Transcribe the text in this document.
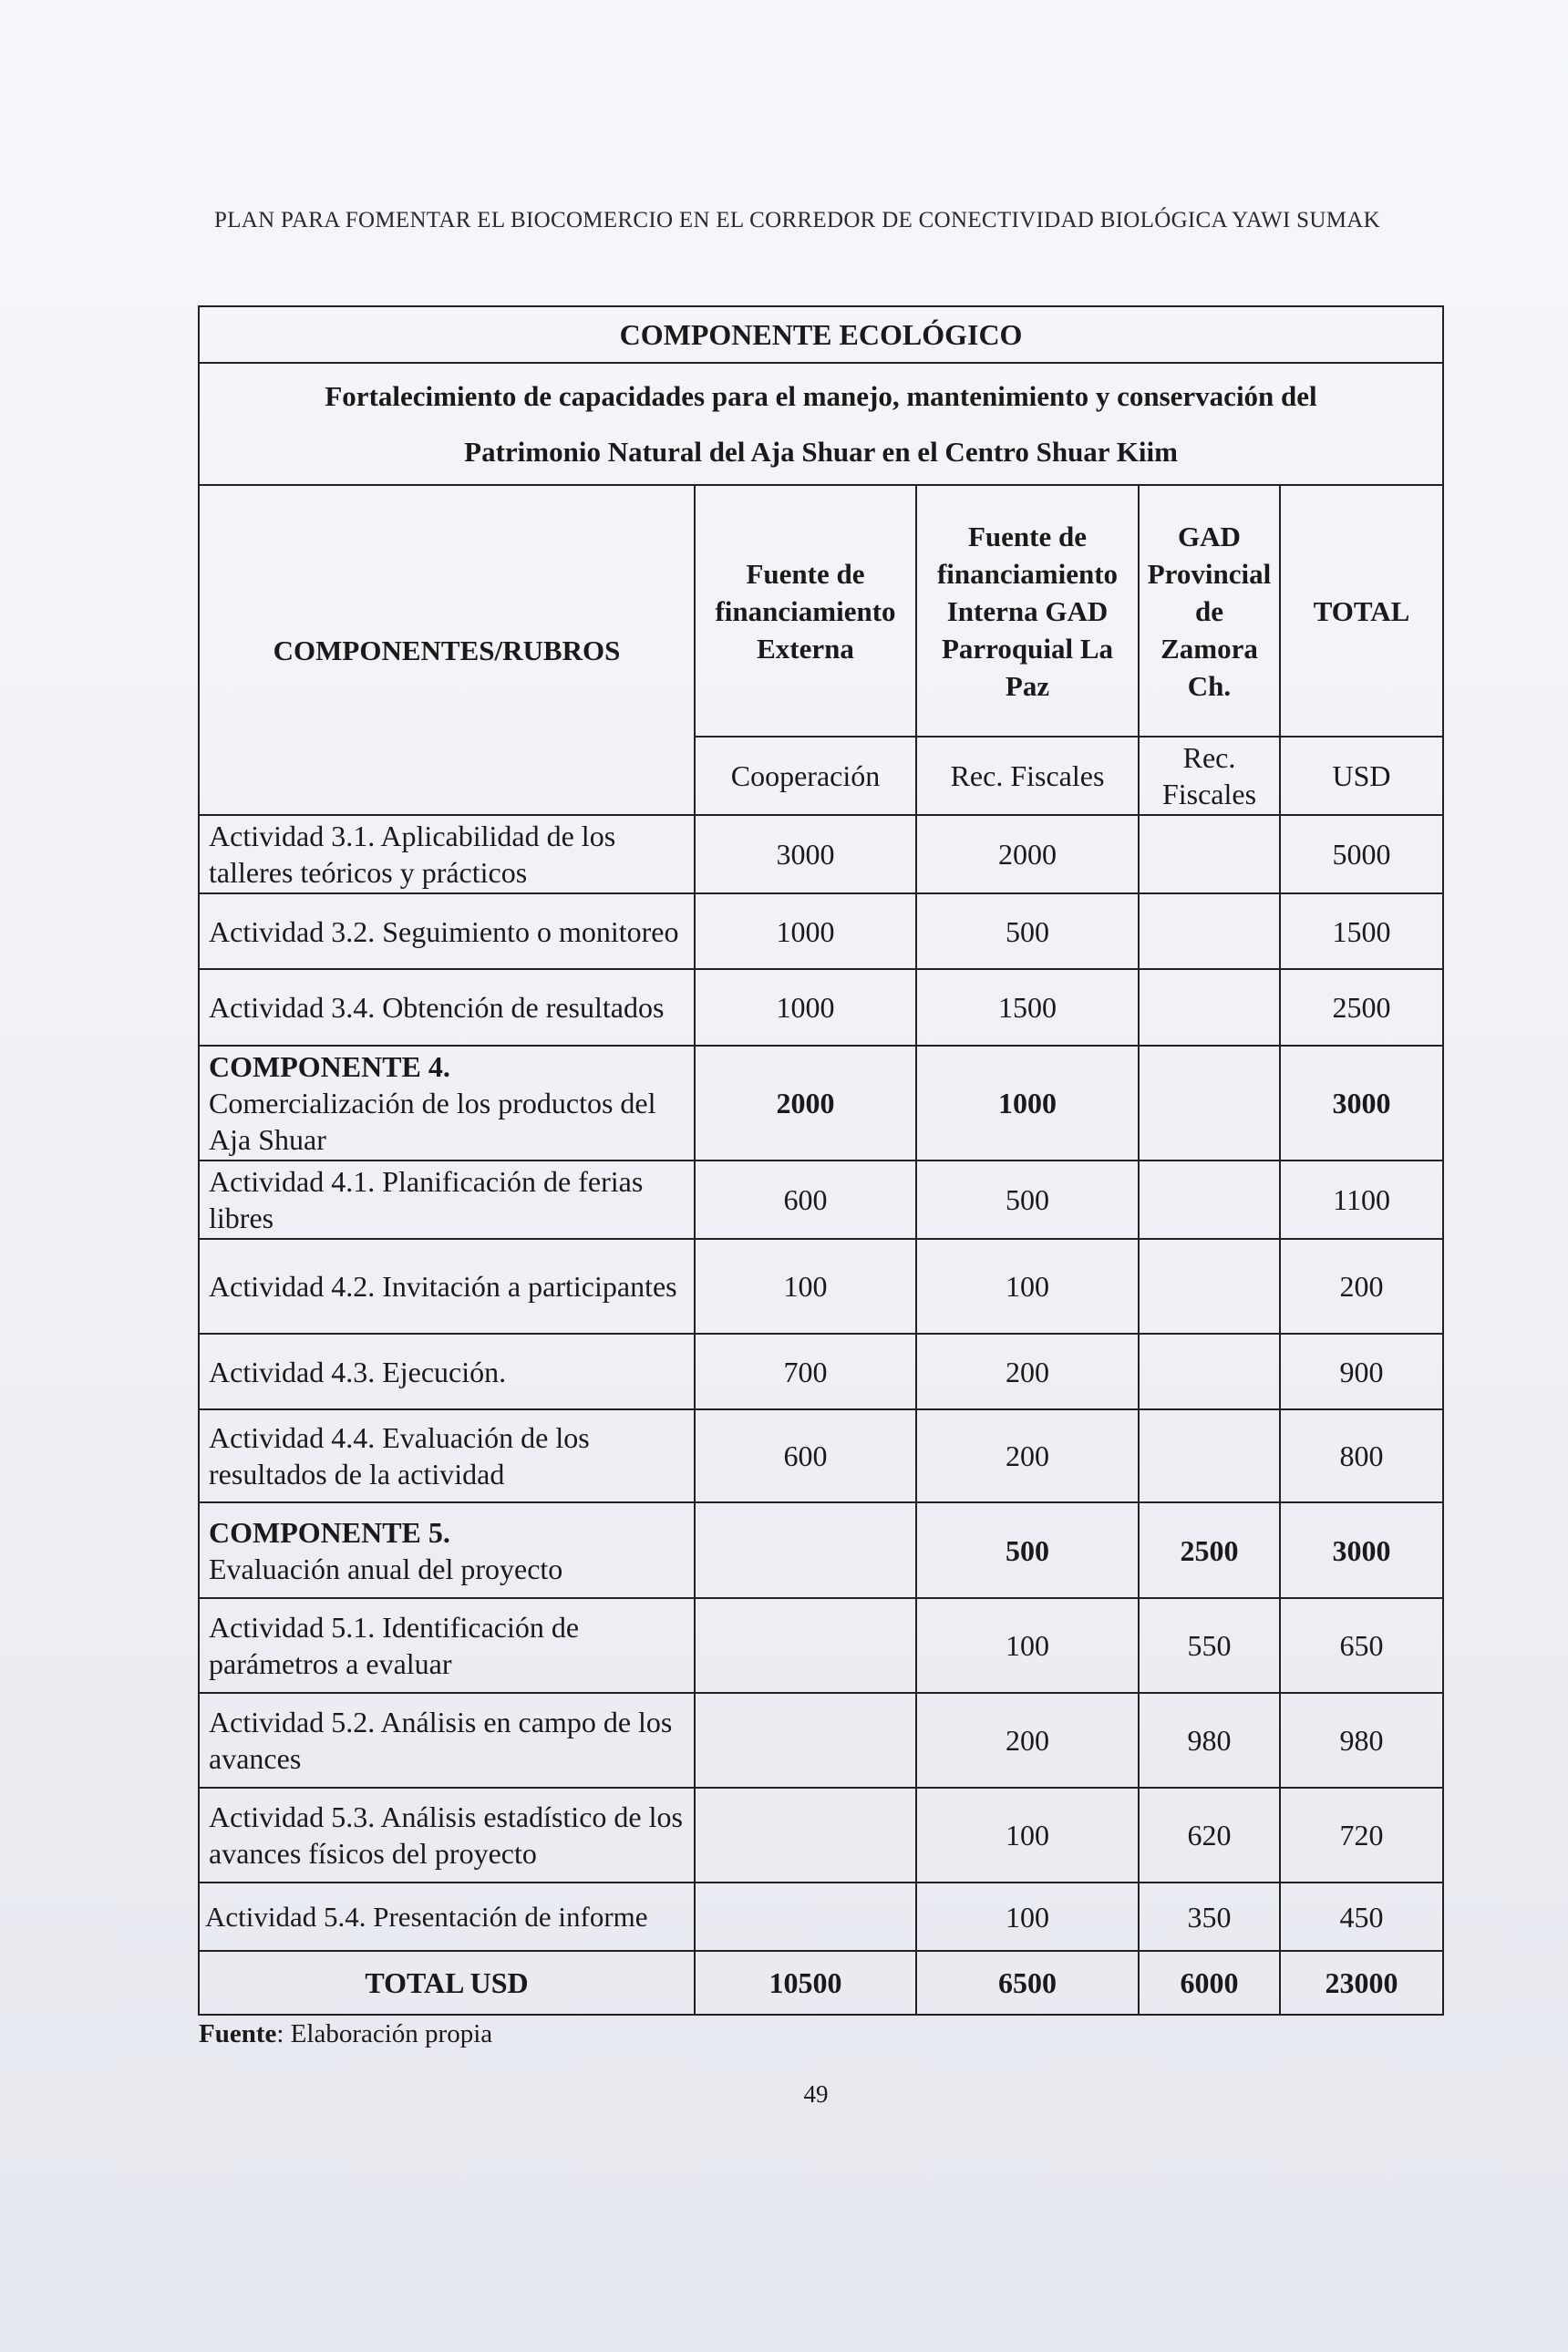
PLAN PARA FOMENTAR EL BIOCOMERCIO EN EL CORREDOR DE CONECTIVIDAD BIOLÓGICA YAWI SUMAK
COMPONENTE ECOLÓGICO				
Fortalecimiento de capacidades para el manejo, mantenimiento y conservación del
Patrimonio Natural del Aja Shuar en el Centro Shuar Kiim				
COMPONENTES/RUBROS	Fuente de financiamiento Externa	Fuente de financiamiento Interna GAD Parroquial La Paz	GAD Provincial de Zamora Ch.	TOTAL
	Cooperación	Rec. Fiscales	Rec. Fiscales	USD
Actividad 3.1. Aplicabilidad de los talleres teóricos y prácticos	3000	2000		5000
Actividad 3.2. Seguimiento o monitoreo	1000	500		1500
Actividad 3.4. Obtención de resultados	1000	1500		2500
COMPONENTE 4.
Comercialización de los productos del Aja Shuar	2000	1000		3000
Actividad 4.1. Planificación de ferias libres	600	500		1100
Actividad 4.2. Invitación a participantes	100	100		200
Actividad 4.3. Ejecución.	700	200		900
Actividad 4.4. Evaluación de los resultados de la actividad	600	200		800
COMPONENTE 5.
Evaluación anual del proyecto		500	2500	3000
Actividad 5.1. Identificación de parámetros a evaluar		100	550	650
Actividad 5.2. Análisis en campo de los avances		200	980	980
Actividad 5.3. Análisis estadístico de los avances físicos del proyecto		100	620	720
Actividad 5.4. Presentación de informe		100	350	450
TOTAL USD	10500	6500	6000	23000
Fuente: Elaboración propia
49
